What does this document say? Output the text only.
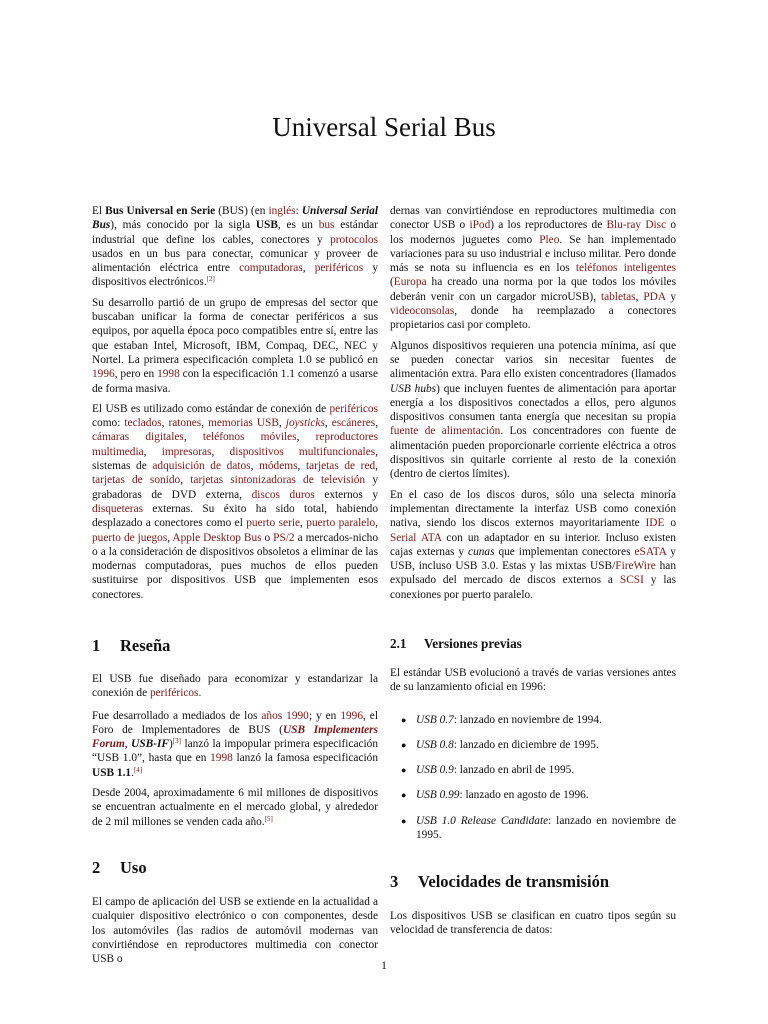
Universal Serial Bus

El Bus Universal en Serie (BUS) (en inglés: Universal Serial Bus), más conocido por la sigla USB, es un bus estándar industrial que define los cables, conectores y protocolos usados en un bus para conectar, comunicar y proveer de alimentación eléctrica entre computadoras, periféricos y dispositivos electrónicos.[2]

Su desarrollo partió de un grupo de empresas del sector que buscaban unificar la forma de conectar periféricos a sus equipos, por aquella época poco compatibles entre sí, entre las que estaban Intel, Microsoft, IBM, Compaq, DEC, NEC y Nortel. La primera especificación completa 1.0 se publicó en 1996, pero en 1998 con la especificación 1.1 comenzó a usarse de forma masiva.

El USB es utilizado como estándar de conexión de periféricos como: teclados, ratones, memorias USB, joysticks, escáneres, cámaras digitales, teléfonos móviles, reproductores multimedia, impresoras, dispositivos multifuncionales, sistemas de adquisición de datos, módems, tarjetas de red, tarjetas de sonido, tarjetas sintonizadoras de televisión y grabadoras de DVD externa, discos duros externos y disqueteras externas. Su éxito ha sido total, habiendo desplazado a conectores como el puerto serie, puerto paralelo, puerto de juegos, Apple Desktop Bus o PS/2 a mercados-nicho o a la consideración de dispositivos obsoletos a eliminar de las modernas computadoras, pues muchos de ellos pueden sustituirse por dispositivos USB que implementen esos conectores.

1 Reseña

El USB fue diseñado para economizar y estandarizar la conexión de periféricos.

Fue desarrollado a mediados de los años 1990; y en 1996, el Foro de Implementadores de BUS (USB Implementers Forum, USB-IF)[3] lanzó la impopular primera especificación “USB 1.0”, hasta que en 1998 lanzó la famosa especificación USB 1.1.[4]

Desde 2004, aproximadamente 6 mil millones de dispositivos se encuentran actualmente en el mercado global, y alrededor de 2 mil millones se venden cada año.[5]

2 Uso

El campo de aplicación del USB se extiende en la actualidad a cualquier dispositivo electrónico o con componentes, desde los automóviles (las radios de automóvil modernas van convirtiéndose en reproductores multimedia con conector USB o

dernas van convirtiéndose en reproductores multimedia con conector USB o iPod) a los reproductores de Blu-ray Disc o los modernos juguetes como Pleo. Se han implementado variaciones para su uso industrial e incluso militar. Pero donde más se nota su influencia es en los teléfonos inteligentes (Europa ha creado una norma por la que todos los móviles deberán venir con un cargador microUSB), tabletas, PDA y videoconsolas, donde ha reemplazado a conectores propietarios casi por completo.

Algunos dispositivos requieren una potencia mínima, así que se pueden conectar varios sin necesitar fuentes de alimentación extra. Para ello existen concentradores (llamados USB hubs) que incluyen fuentes de alimentación para aportar energía a los dispositivos conectados a ellos, pero algunos dispositivos consumen tanta energía que necesitan su propia fuente de alimentación. Los concentradores con fuente de alimentación pueden proporcionarle corriente eléctrica a otros dispositivos sin quitarle corriente al resto de la conexión (dentro de ciertos límites).

En el caso de los discos duros, sólo una selecta minoría implementan directamente la interfaz USB como conexión nativa, siendo los discos externos mayoritariamente IDE o Serial ATA con un adaptador en su interior. Incluso existen cajas externas y cunas que implementan conectores eSATA y USB, incluso USB 3.0. Estas y las mixtas USB/FireWire han expulsado del mercado de discos externos a SCSI y las conexiones por puerto paralelo.

2.1 Versiones previas

El estándar USB evolucionó a través de varias versiones antes de su lanzamiento oficial en 1996:

● USB 0.7: lanzado en noviembre de 1994.
● USB 0.8: lanzado en diciembre de 1995.
● USB 0.9: lanzado en abril de 1995.
● USB 0.99: lanzado en agosto de 1996.
● USB 1.0 Release Candidate: lanzado en noviembre de 1995.
3 Velocidades de transmisión

Los dispositivos USB se clasifican en cuatro tipos según su velocidad de transferencia de datos:

1
